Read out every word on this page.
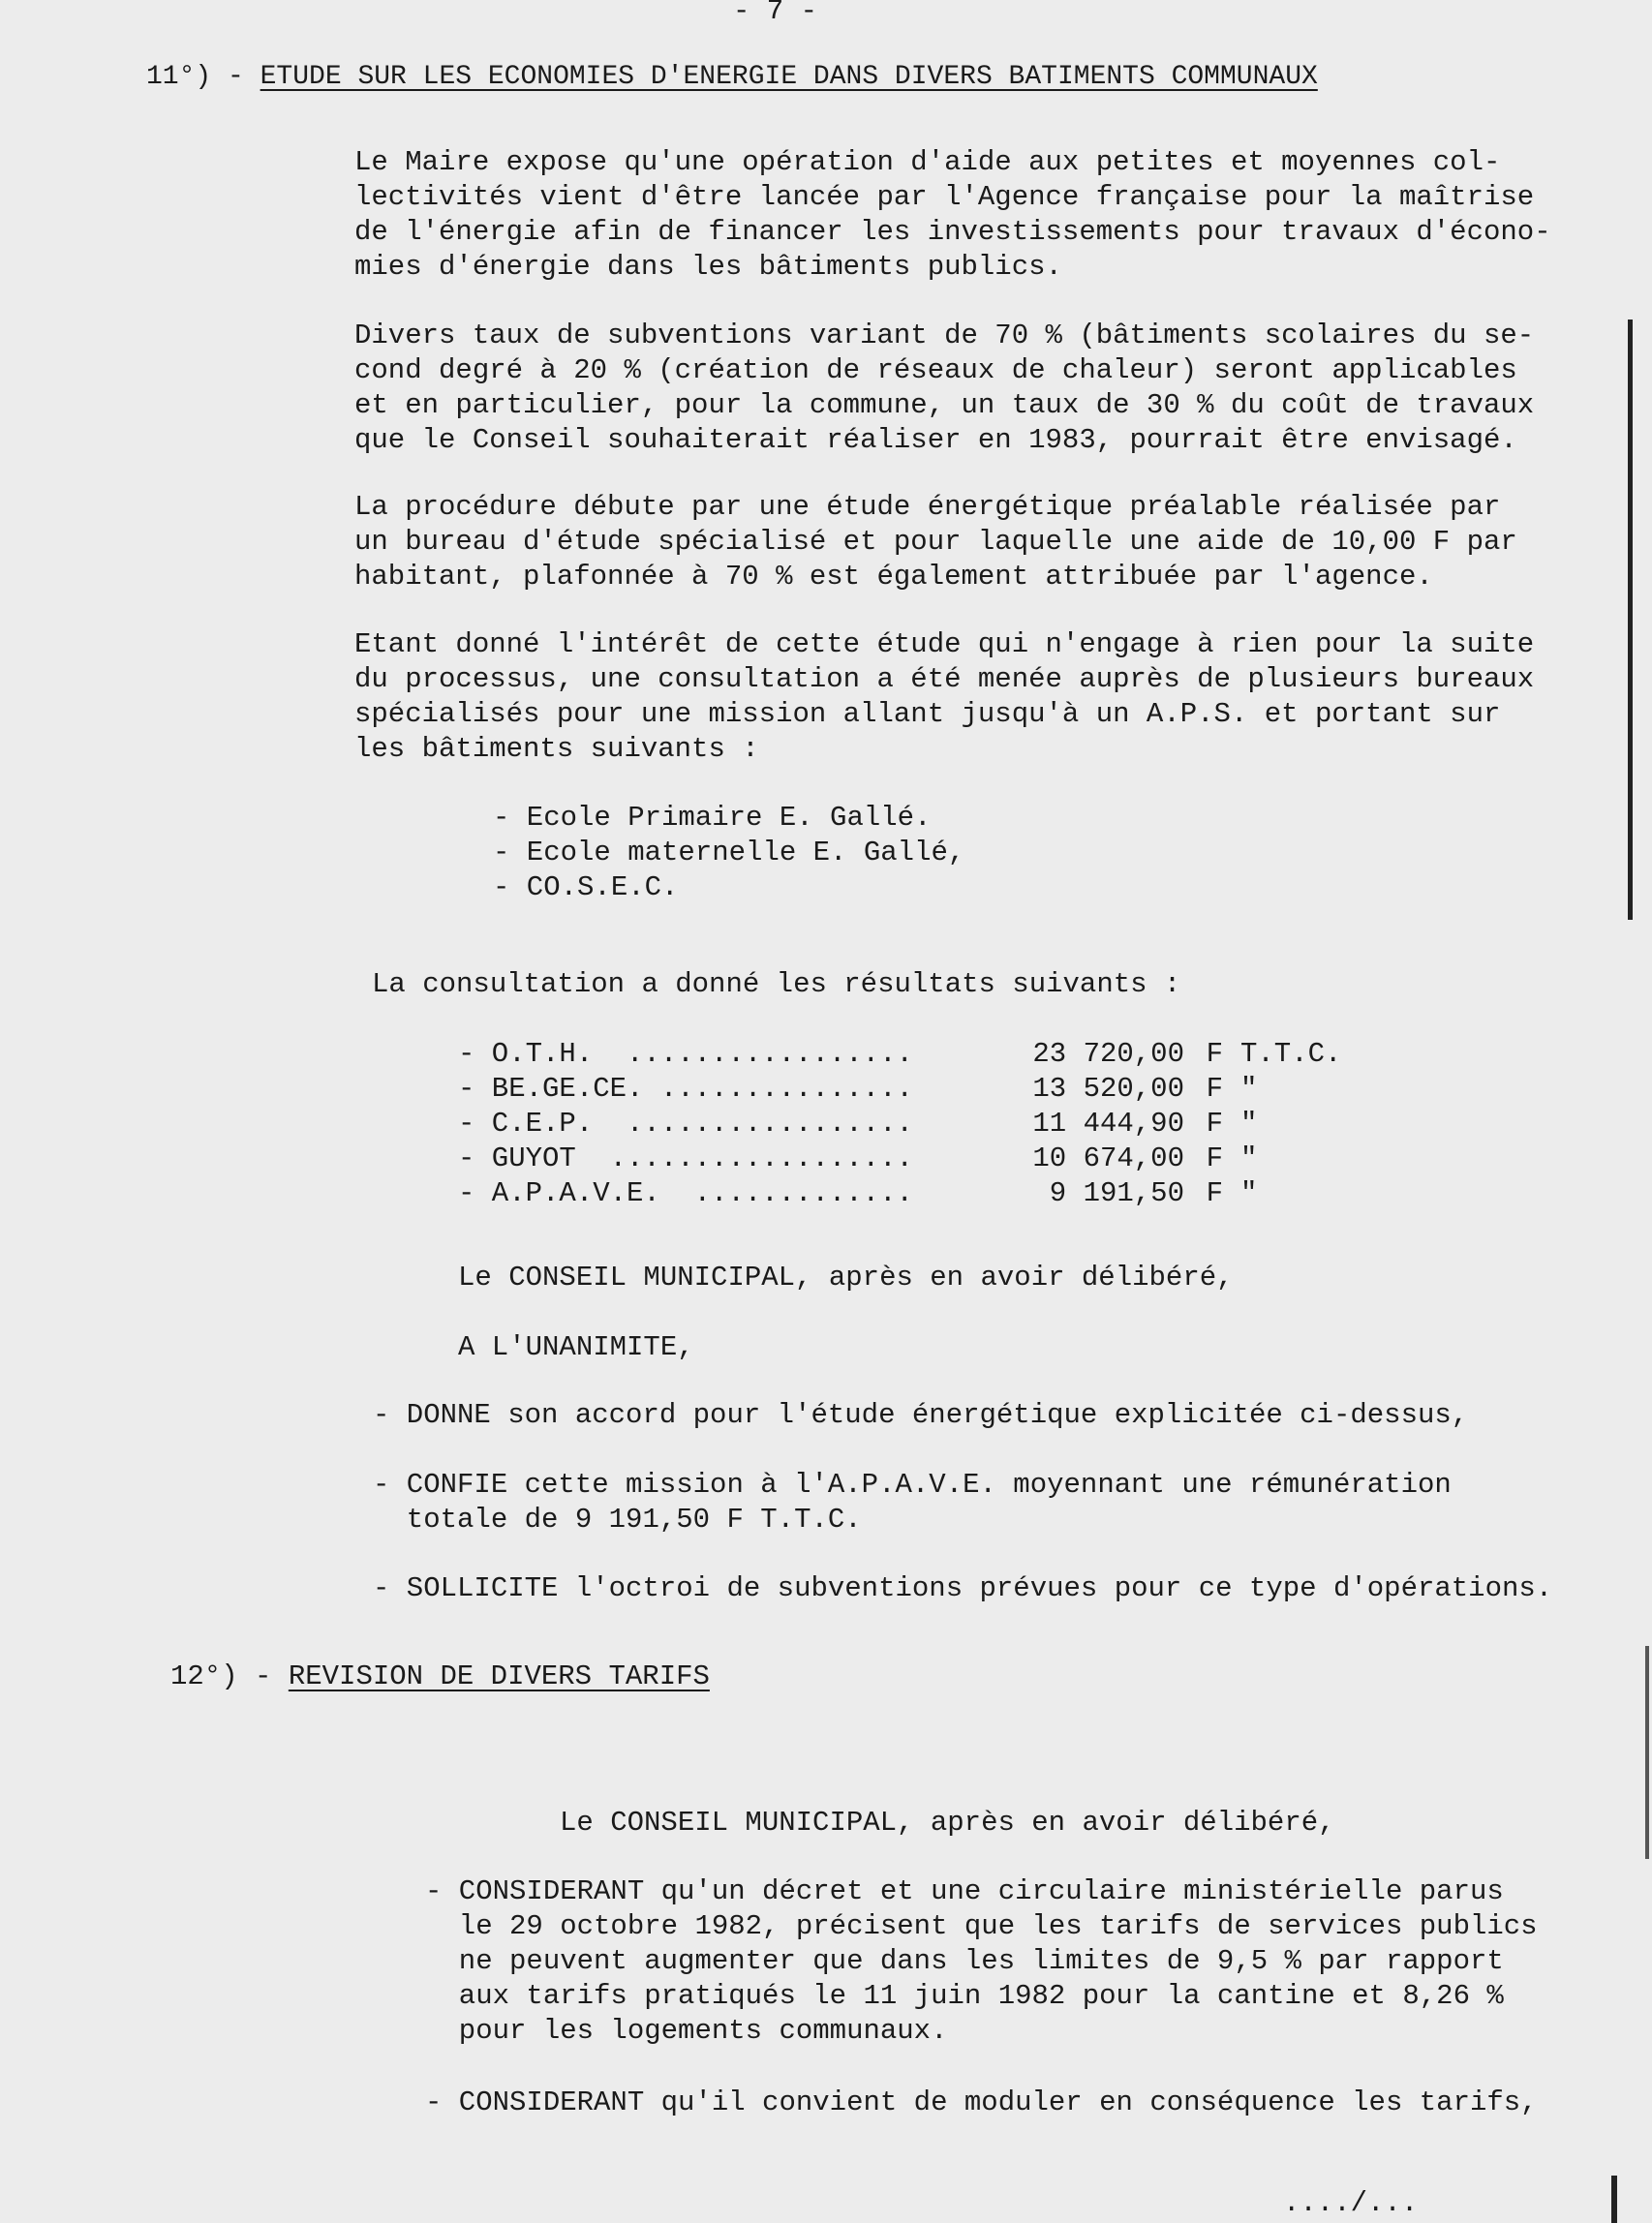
- 7 -
11°) - ETUDE SUR LES ECONOMIES D'ENERGIE DANS DIVERS BATIMENTS COMMUNAUX
Le Maire expose qu'une opération d'aide aux petites et moyennes col-
lectivités vient d'être lancée par l'Agence française pour la maîtrise
de l'énergie afin de financer les investissements pour travaux d'écono-
mies d'énergie dans les bâtiments publics.
Divers taux de subventions variant de 70 % (bâtiments scolaires du se-
cond degré à 20 % (création de réseaux de chaleur) seront applicables
et en particulier, pour la commune, un taux de 30 % du coût de travaux
que le Conseil souhaiterait réaliser en 1983, pourrait être envisagé.
La procédure débute par une étude énergétique préalable réalisée par
un bureau d'étude spécialisé et pour laquelle une aide de 10,00 F par
habitant, plafonnée à 70 % est également attribuée par l'agence.
Etant donné l'intérêt de cette étude qui n'engage à rien pour la suite
du processus, une consultation a été menée auprès de plusieurs bureaux
spécialisés pour une mission allant jusqu'à un A.P.S. et portant sur
les bâtiments suivants :
- Ecole Primaire E. Gallé.
- Ecole maternelle E. Gallé,
- CO.S.E.C.
La consultation a donné les résultats suivants :
- O.T.H.  .................	23 720,00 F T.T.C.
- BE.GE.CE. ...............	13 520,00 F "
- C.E.P.  .................	11 444,90 F "
- GUYOT  ..................	10 674,00 F "
- A.P.A.V.E.  .............	9 191,50 F "
Le CONSEIL MUNICIPAL, après en avoir délibéré,
A L'UNANIMITE,
- DONNE son accord pour l'étude énergétique explicitée ci-dessus,
- CONFIE cette mission à l'A.P.A.V.E. moyennant une rémunération
totale de 9 191,50 F T.T.C.
- SOLLICITE l'octroi de subventions prévues pour ce type d'opérations.
12°) - REVISION DE DIVERS TARIFS
Le CONSEIL MUNICIPAL, après en avoir délibéré,
- CONSIDERANT qu'un décret et une circulaire ministérielle parus
le 29 octobre 1982, précisent que les tarifs de services publics
ne peuvent augmenter que dans les limites de 9,5 % par rapport
aux tarifs pratiqués le 11 juin 1982 pour la cantine et 8,26 %
pour les logements communaux.
- CONSIDERANT qu'il convient de moduler en conséquence les tarifs,
..../...
